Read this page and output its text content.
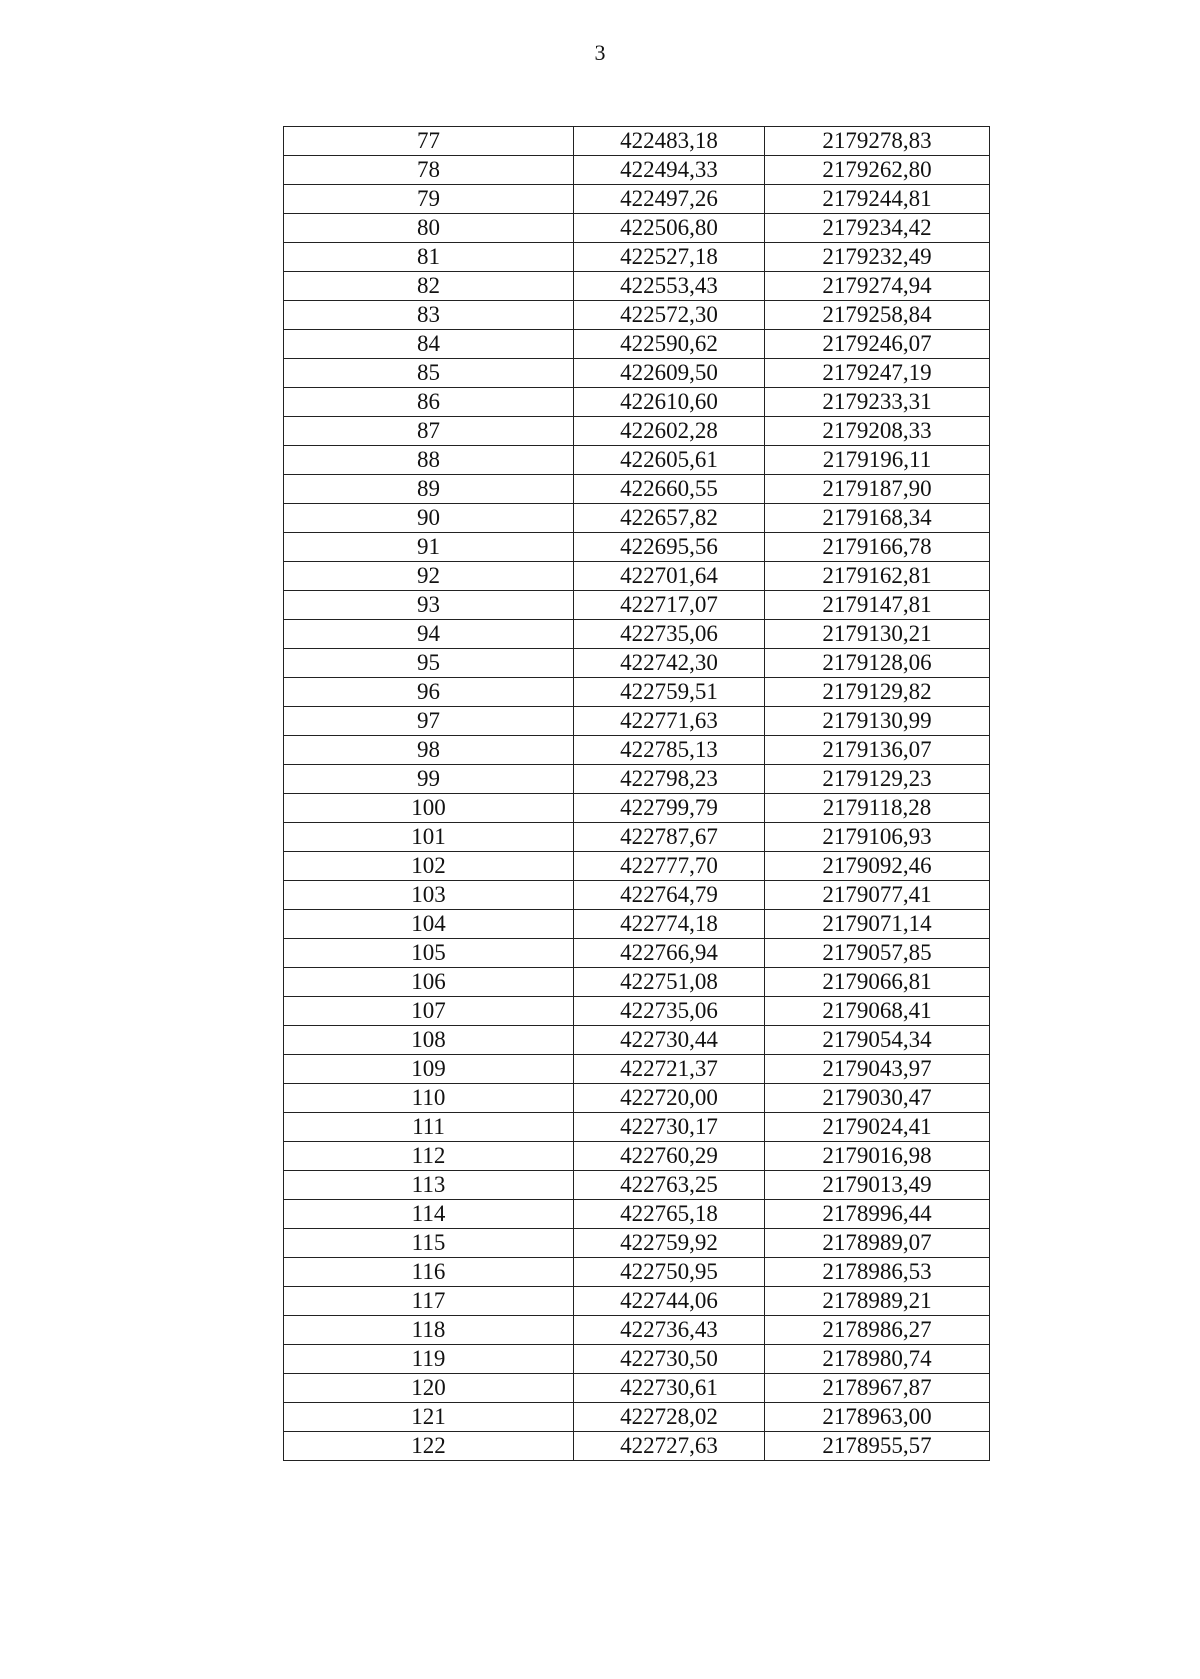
3
77	422483,18	2179278,83
78	422494,33	2179262,80
79	422497,26	2179244,81
80	422506,80	2179234,42
81	422527,18	2179232,49
82	422553,43	2179274,94
83	422572,30	2179258,84
84	422590,62	2179246,07
85	422609,50	2179247,19
86	422610,60	2179233,31
87	422602,28	2179208,33
88	422605,61	2179196,11
89	422660,55	2179187,90
90	422657,82	2179168,34
91	422695,56	2179166,78
92	422701,64	2179162,81
93	422717,07	2179147,81
94	422735,06	2179130,21
95	422742,30	2179128,06
96	422759,51	2179129,82
97	422771,63	2179130,99
98	422785,13	2179136,07
99	422798,23	2179129,23
100	422799,79	2179118,28
101	422787,67	2179106,93
102	422777,70	2179092,46
103	422764,79	2179077,41
104	422774,18	2179071,14
105	422766,94	2179057,85
106	422751,08	2179066,81
107	422735,06	2179068,41
108	422730,44	2179054,34
109	422721,37	2179043,97
110	422720,00	2179030,47
111	422730,17	2179024,41
112	422760,29	2179016,98
113	422763,25	2179013,49
114	422765,18	2178996,44
115	422759,92	2178989,07
116	422750,95	2178986,53
117	422744,06	2178989,21
118	422736,43	2178986,27
119	422730,50	2178980,74
120	422730,61	2178967,87
121	422728,02	2178963,00
122	422727,63	2178955,57
